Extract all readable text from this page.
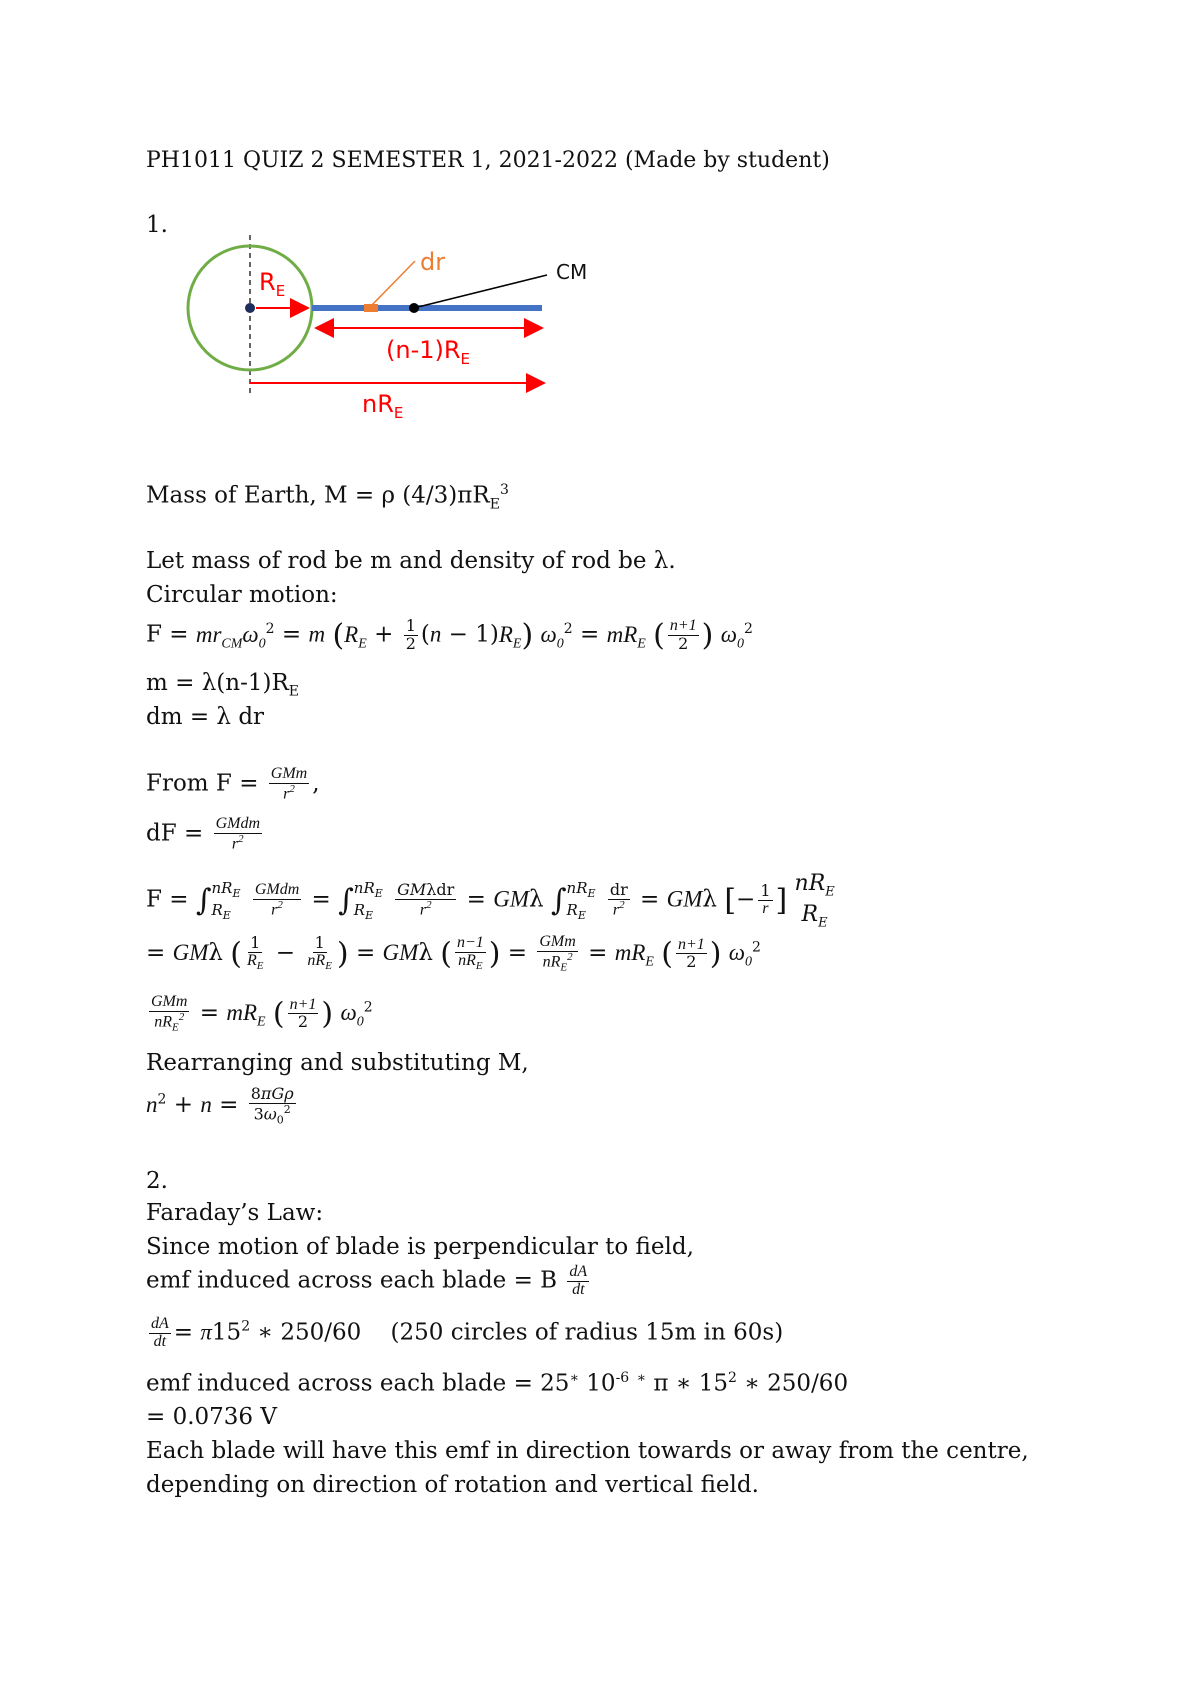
PH1011 QUIZ 2 SEMESTER 1, 2021-2022 (Made by student)
1.
$R_E$
dr	CM
$(n-1)R_E$
$nR_E$
Mass of Earth, M = ρ $(4/3)\pi R_E^3$
Let mass of rod be m and density of rod be λ.
Circular motion:
$F = mr_{CM}\omega_0^2 = m$ $(R_E + \frac{1}{2} (n - 1)R_E) \omega_0^2 = mR_E$ ( $\frac{n+1}{2}$ ) $\omega_0^2$
$m = \lambda(n-1)R_E$
dm = λ dr
From $F = \frac{\text{GMm}}{r^2}$ ,
dF = $\frac{\text{GMdm}}{r^2}$
F = ∫ $nR_E$
$R_E$
	$\frac{\text{GMdm}}{r^2}$ = ∫ $nR_E$
$R_E$
	$\frac{\text{GMλdr}}{r^2} = GM\lambda$ ∫ $nR_E$
$R_E$
	$\frac{dr}{r^2} = GM\lambda$ [− $\frac{1}{r}$ ] $nR_E$
$R_E$
= GMλ ( $\frac{1}{R_E} - \frac{1}{nR_E}$ ) = GMλ ( $\frac{n-1}{nR_E}$ ) = $\frac{\text{GMm}}{nR_E^2} = mR_E$ ( $\frac{n+1}{2}$ ) $\omega_0^2$
$\frac{\text{GMm}}{nR_E^2} = mR_E$ ( $\frac{n+1}{2}$ ) $\omega_0^2$
Rearranging and substituting M,
$n^2 + n = \frac{\text{8πGρ}}{3\omega_0^2}$
2.
Faraday’s Law:
Since motion of blade is perpendicular to field,
emf induced across each blade = B $\frac{dA}{dt}$
$\frac{dA}{dt} = \pi 15^2$ ∗ 250/60    (250 circles of radius 15m in 60s)
emf induced across each blade = 25∗ $10^{-6}$ ∗ π ∗ $15^2$ ∗ 250/60
= 0.0736 V
Each blade will have this emf in direction towards or away from the centre,
depending on direction of rotation and vertical field.
